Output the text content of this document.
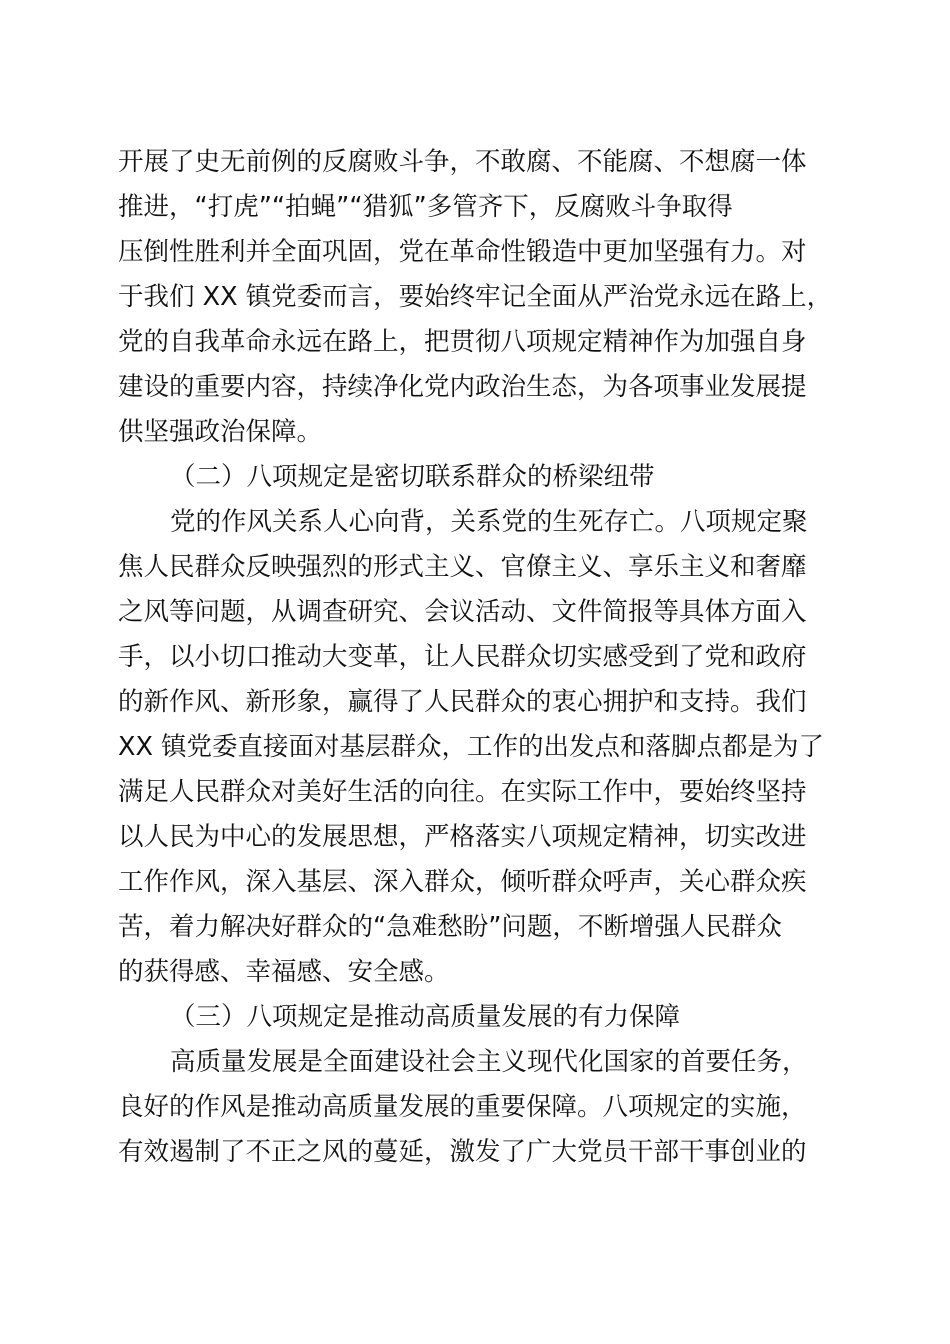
开展了史无前例的反腐败斗争，不敢腐、不能腐、不想腐一体
推进，“打虎”“拍蝇”“猎狐”多管齐下，反腐败斗争取得
压倒性胜利并全面巩固，党在革命性锻造中更加坚强有力。对
于我们 XX 镇党委而言，要始终牢记全面从严治党永远在路上，
党的自我革命永远在路上，把贯彻八项规定精神作为加强自身
建设的重要内容，持续净化党内政治生态，为各项事业发展提
供坚强政治保障。
（二）八项规定是密切联系群众的桥梁纽带
党的作风关系人心向背，关系党的生死存亡。八项规定聚
焦人民群众反映强烈的形式主义、官僚主义、享乐主义和奢靡
之风等问题，从调查研究、会议活动、文件简报等具体方面入
手，以小切口推动大变革，让人民群众切实感受到了党和政府
的新作风、新形象，赢得了人民群众的衷心拥护和支持。我们
XX 镇党委直接面对基层群众，工作的出发点和落脚点都是为了
满足人民群众对美好生活的向往。在实际工作中，要始终坚持
以人民为中心的发展思想，严格落实八项规定精神，切实改进
工作作风，深入基层、深入群众，倾听群众呼声，关心群众疾
苦，着力解决好群众的“急难愁盼”问题，不断增强人民群众
的获得感、幸福感、安全感。
（三）八项规定是推动高质量发展的有力保障
高质量发展是全面建设社会主义现代化国家的首要任务，
良好的作风是推动高质量发展的重要保障。八项规定的实施，
有效遏制了不正之风的蔓延，激发了广大党员干部干事创业的
